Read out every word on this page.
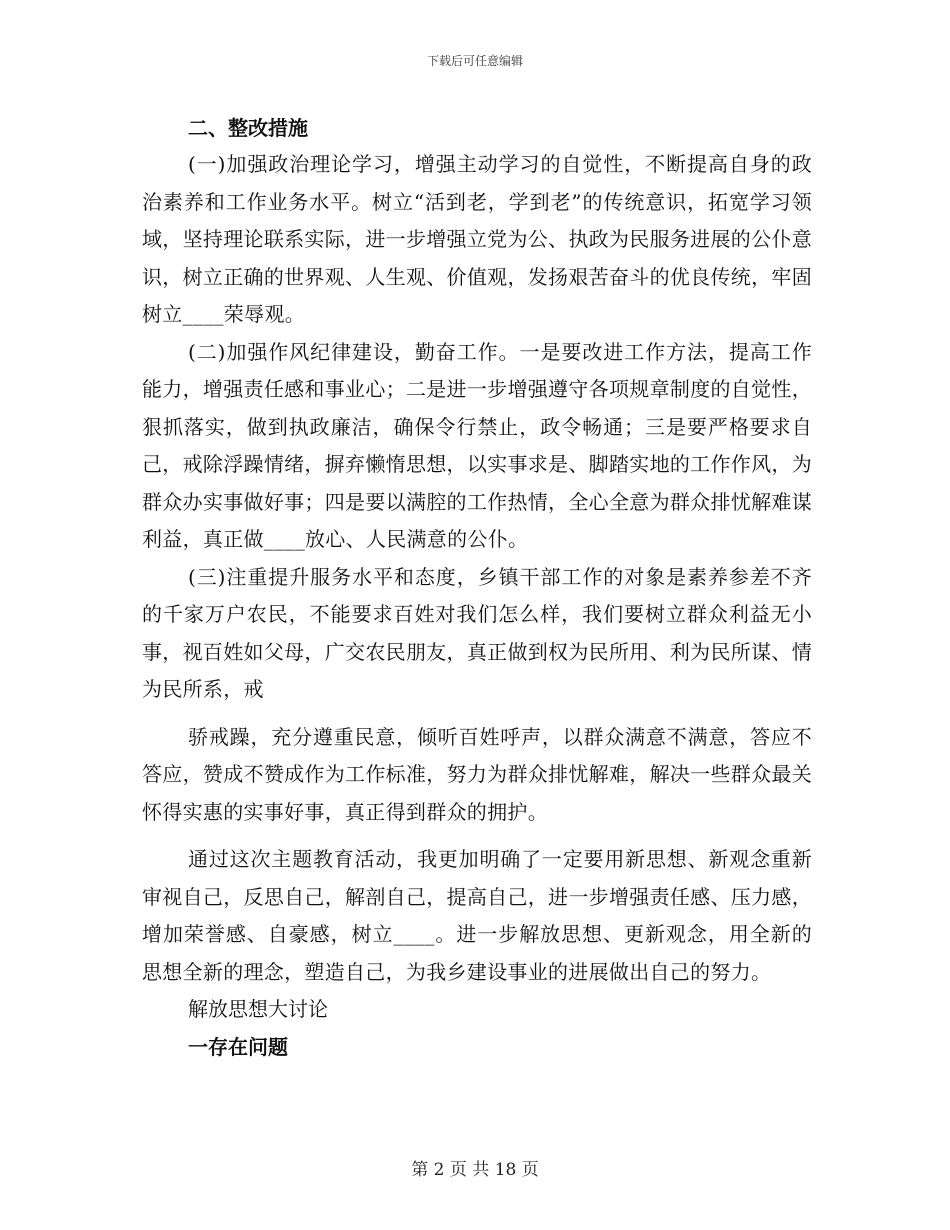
下载后可任意编辑

二、整改措施

(一)加强政治理论学习，增强主动学习的自觉性，不断提高自身的政治素养和工作业务水平。树立“活到老，学到老”的传统意识，拓宽学习领域，坚持理论联系实际，进一步增强立党为公、执政为民服务进展的公仆意识，树立正确的世界观、人生观、价值观，发扬艰苦奋斗的优良传统，牢固树立____荣辱观。

(二)加强作风纪律建设，勤奋工作。一是要改进工作方法，提高工作能力，增强责任感和事业心；二是进一步增强遵守各项规章制度的自觉性，狠抓落实，做到执政廉洁，确保令行禁止，政令畅通；三是要严格要求自己，戒除浮躁情绪，摒弃懒惰思想，以实事求是、脚踏实地的工作作风，为群众办实事做好事；四是要以满腔的工作热情，全心全意为群众排忧解难谋利益，真正做____放心、人民满意的公仆。

(三)注重提升服务水平和态度，乡镇干部工作的对象是素养参差不齐的千家万户农民，不能要求百姓对我们怎么样，我们要树立群众利益无小事，视百姓如父母，广交农民朋友，真正做到权为民所用、利为民所谋、情为民所系，戒

骄戒躁，充分遵重民意，倾听百姓呼声，以群众满意不满意，答应不答应，赞成不赞成作为工作标准，努力为群众排忧解难，解决一些群众最关怀得实惠的实事好事，真正得到群众的拥护。

通过这次主题教育活动，我更加明确了一定要用新思想、新观念重新审视自己，反思自己，解剖自己，提高自己，进一步增强责任感、压力感，增加荣誉感、自豪感，树立____。进一步解放思想、更新观念，用全新的思想全新的理念，塑造自己，为我乡建设事业的进展做出自己的努力。

解放思想大讨论

一存在问题

第 2 页 共 18 页
